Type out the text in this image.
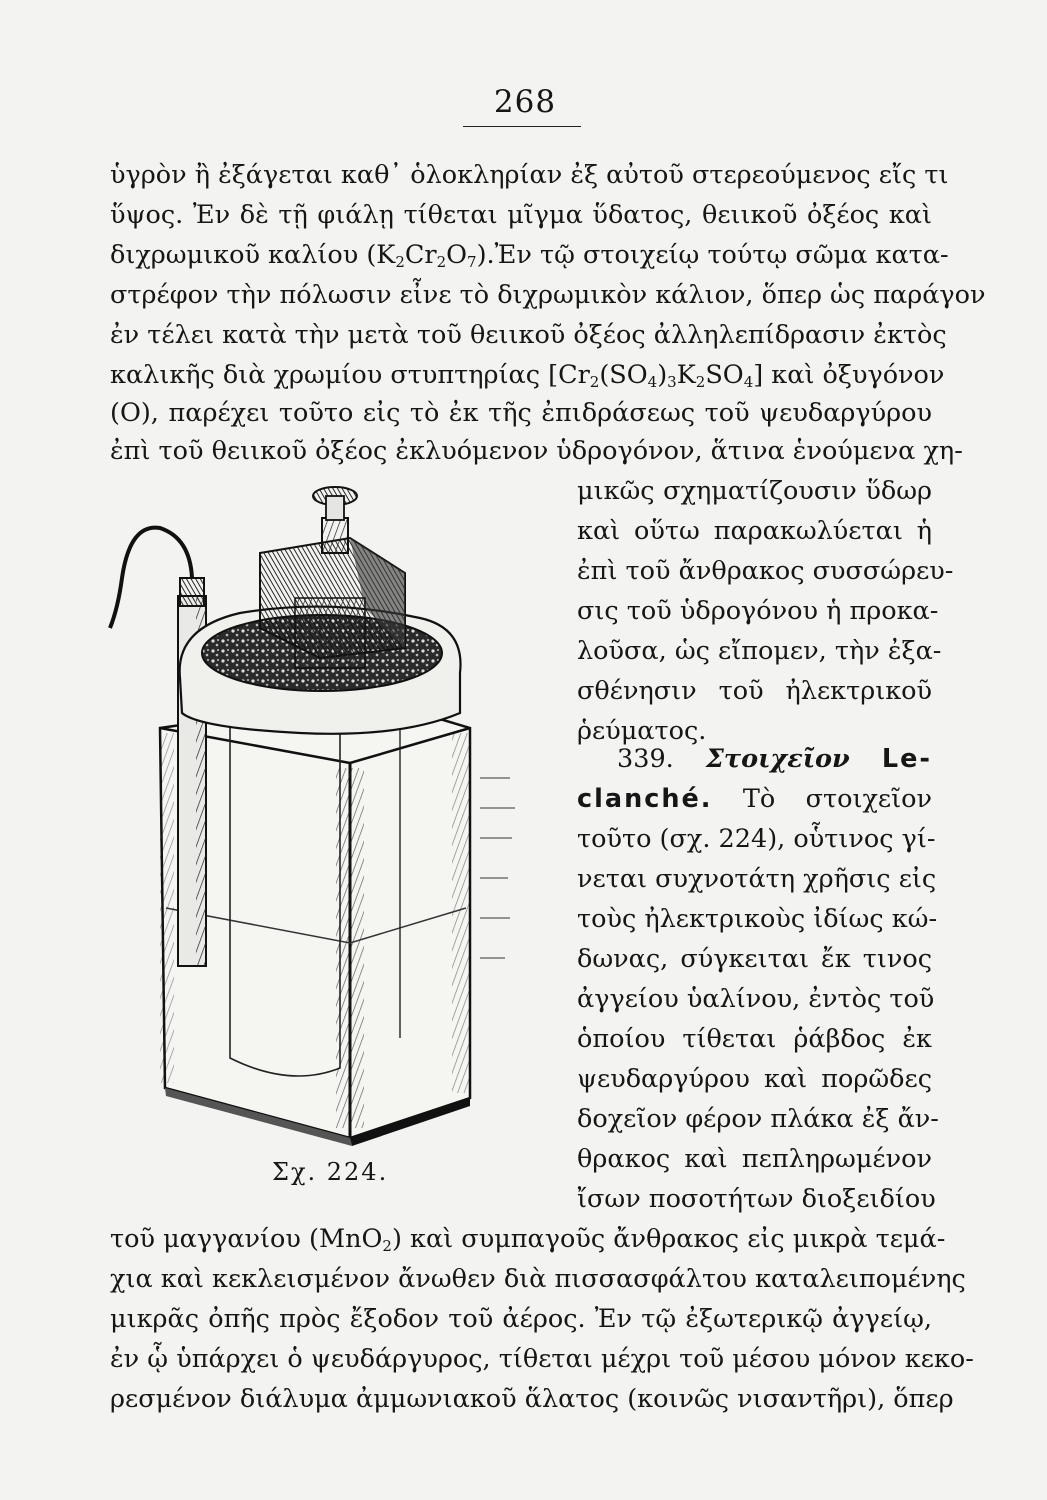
268
ὑγρὸν ἢ ἐξάγεται καθ᾽ ὁλοκληρίαν ἐξ αὐτοῦ στερεούμενος εἴς τι
ὕψος. Ἐν δὲ τῇ φιάλῃ τίθεται μῖγμα ὕδατος, θειικοῦ ὀξέος καὶ
διχρωμικοῦ καλίου $(K_2Cr_2O_7).Ἐ\nu$ τῷ στοιχείῳ τούτῳ σῶμα κατα-
στρέφον τὴν πόλωσιν εἶνε τὸ διχρωμικὸν κάλιον, ὅπερ ὡς παράγον
ἐν τέλει κατὰ τὴν μετὰ τοῦ θειικοῦ ὀξέος ἀλληλεπίδρασιν ἐκτὸς
καλικῆς διὰ χρωμίου στυπτηρίας $[Cr_2(SO_4)_3K_2SO_4]$ καὶ ὀξυγόνον
(O), παρέχει τοῦτο εἰς τὸ ἐκ τῆς ἐπιδράσεως τοῦ ψευδαργύρου
ἐπὶ τοῦ θειικοῦ ὀξέος ἐκλυόμενον ὑδρογόνον, ἅτινα ἑνούμενα χη-
μικῶς σχηματίζουσιν ὕδωρ
καὶ οὕτω παρακωλύεται ἡ
ἐπὶ τοῦ ἄνθρακος συσσώρευ-
σις τοῦ ὑδρογόνου ἡ προκα-
λοῦσα, ὡς εἴπομεν, τὴν ἐξα-
σθένησιν τοῦ ἠλεκτρικοῦ
ῥεύματος.
339. Στοιχεῖον Le-
clanché. Τὸ στοιχεῖον
τοῦτο (σχ. 224), οὗτινος γί-
νεται συχνοτάτη χρῆσις εἰς
τοὺς ἠλεκτρικοὺς ἰδίως κώ-
δωνας, σύγκειται ἔκ τινος
ἀγγείου ὑαλίνου, ἐντὸς τοῦ
ὁποίου τίθεται ῥάβδος ἐκ
ψευδαργύρου καὶ πορῶδες
δοχεῖον φέρον πλάκα ἐξ ἄν-
θρακος καὶ πεπληρωμένον
ἴσων ποσοτήτων διοξειδίου
τοῦ μαγγανίου (MnO$_2$) καὶ συμπαγοῦς ἄνθρακος εἰς μικρὰ τεμά-
χια καὶ κεκλεισμένον ἄνωθεν διὰ πισσασφάλτου καταλειπομένης
μικρᾶς ὀπῆς πρὸς ἔξοδον τοῦ ἀέρος. Ἐν τῷ ἐξωτερικῷ ἀγγείῳ,
ἐν ᾧ ὑπάρχει ὁ ψευδάργυρος, τίθεται μέχρι τοῦ μέσου μόνον κεκο-
ρεσμένον διάλυμα ἀμμωνιακοῦ ἅλατος (κοινῶς νισαντῆρι), ὅπερ
Σχ. 224.
